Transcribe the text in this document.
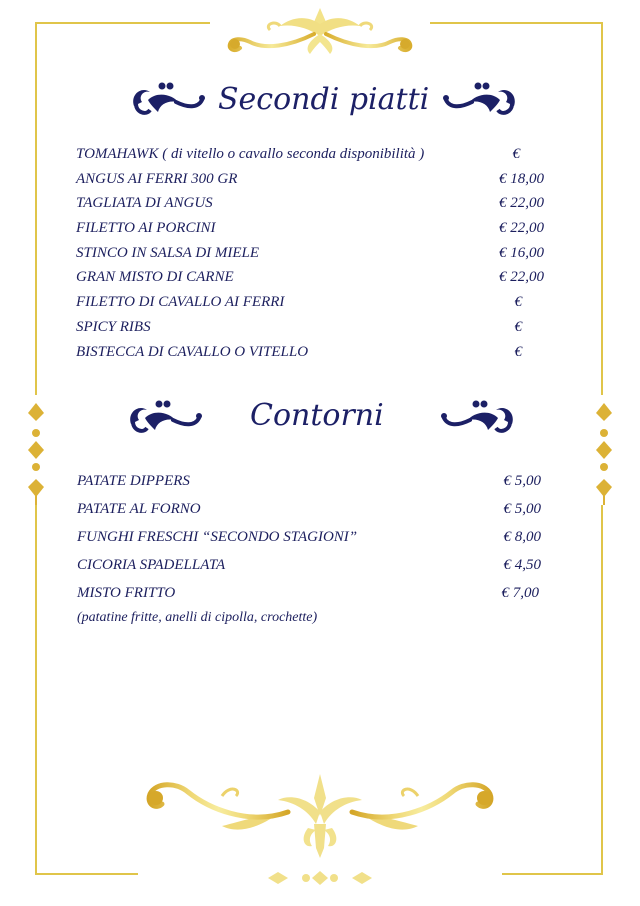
Secondi piatti
TOMAHAWK ( di vitello o cavallo seconda disponibilità )	€
ANGUS AI FERRI 300 GR	€ 18,00
TAGLIATA DI ANGUS	€ 22,00
FILETTO AI PORCINI	€ 22,00
STINCO IN SALSA DI MIELE	€ 16,00
GRAN MISTO DI CARNE	€ 22,00
FILETTO DI CAVALLO AI FERRI	€
SPICY RIBS	€
BISTECCA DI CAVALLO O VITELLO	€
Contorni
PATATE DIPPERS	€ 5,00
PATATE AL FORNO	€ 5,00
FUNGHI FRESCHI “SECONDO STAGIONI”	€ 8,00
CICORIA SPADELLATA	€ 4,50
MISTO FRITTO	€ 7,00
(patatine fritte, anelli di cipolla, crochette)
